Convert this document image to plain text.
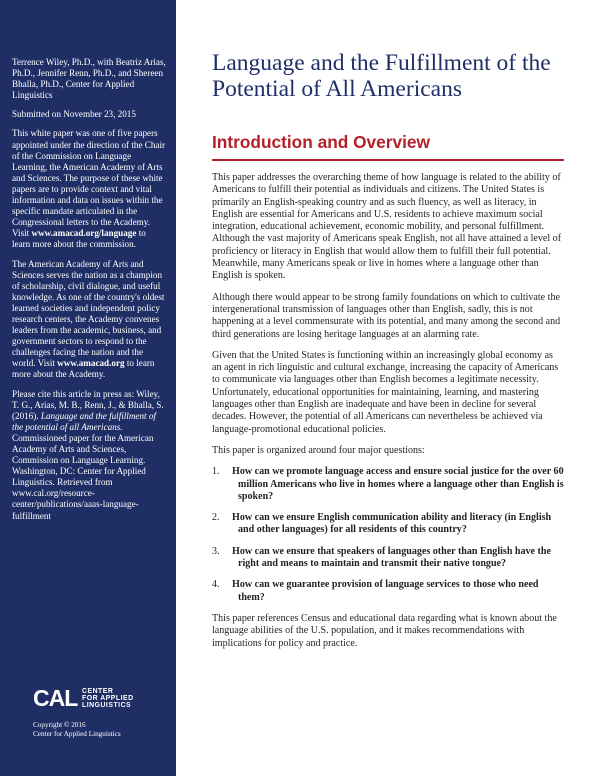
Terrence Wiley, Ph.D., with Beatriz Arias, Ph.D., Jennifer Renn, Ph.D., and Shereen Bhalla, Ph.D., Center for Applied Linguistics

Submitted on November 23, 2015

This white paper was one of five papers appointed under the direction of the Chair of the Commission on Language Learning, the American Academy of Arts and Sciences. The purpose of these white papers are to provide context and vital information and data on issues within the specific mandate articulated in the Congressional letters to the Academy. Visit www.amacad.org/language to learn more about the commission.

The American Academy of Arts and Sciences serves the nation as a champion of scholarship, civil dialogue, and useful knowledge. As one of the country's oldest learned societies and independent policy research centers, the Academy convenes leaders from the academic, business, and government sectors to respond to the challenges facing the nation and the world. Visit www.amacad.org to learn more about the Academy.

Please cite this article in press as: Wiley, T. G., Arias, M. B., Renn, J., & Bhalla, S. (2016). Language and the fulfillment of the potential of all Americans. Commissioned paper for the American Academy of Arts and Sciences, Commission on Language Learning. Washington, DC: Center for Applied Linguistics. Retrieved from www.cal.org/resource-center/publications/aaas-language-fulfillment

CAL CENTER
FOR APPLIED
LINGUISTICS
Copyright © 2016
Center for Applied Linguistics
Language and the Fulfillment of the Potential of All Americans
Introduction and Overview

This paper addresses the overarching theme of how language is related to the ability of Americans to fulfill their potential as individuals and citizens. The United States is primarily an English-speaking country and as such fluency, as well as literacy, in English are essential for Americans and U.S. residents to achieve maximum social integration, educational achievement, economic mobility, and personal fulfillment. Although the vast majority of Americans speak English, not all have attained a level of proficiency or literacy in English that would allow them to fulfill their full potential. Meanwhile, many Americans speak or live in homes where a language other than English is spoken.

Although there would appear to be strong family foundations on which to cultivate the intergenerational transmission of languages other than English, sadly, this is not happening at a level commensurate with its potential, and many among the second and third generations are losing heritage languages at an alarming rate.

Given that the United States is functioning within an increasingly global economy as an agent in rich linguistic and cultural exchange, increasing the capacity of Americans to communicate via languages other than English becomes a legitimate necessity. Unfortunately, educational opportunities for maintaining, learning, and mastering languages other than English are inadequate and have been in decline for several decades. However, the potential of all Americans can nevertheless be achieved via language-promotional educational policies.

This paper is organized around four major questions:

1. How can we promote language access and ensure social justice for the over 60 million Americans who live in homes where a language other than English is spoken?
2. How can we ensure English communication ability and literacy (in English and other languages) for all residents of this country?
3. How can we ensure that speakers of languages other than English have the right and means to maintain and transmit their native tongue?
4. How can we guarantee provision of language services to those who need them?

This paper references Census and educational data regarding what is known about the language abilities of the U.S. population, and it makes recommendations with implications for policy and practice.
